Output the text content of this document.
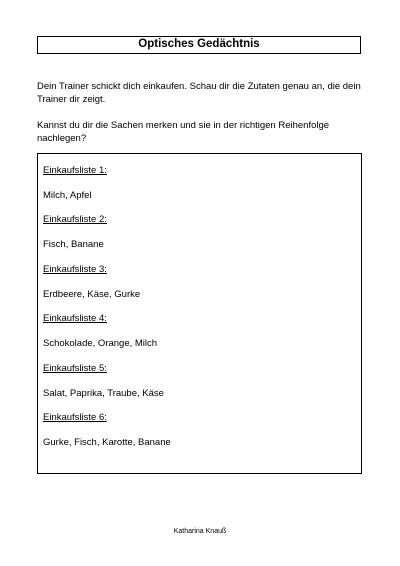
Optisches Gedächtnis

Dein Trainer schickt dich einkaufen. Schau dir die Zutaten genau an, die dein Trainer dir zeigt.

Kannst du dir die Sachen merken und sie in der richtigen Reihenfolge nachlegen?

Einkaufsliste 1:
Milch, Apfel
Einkaufsliste 2:
Fisch, Banane
Einkaufsliste 3:
Erdbeere, Käse, Gurke
Einkaufsliste 4:
Schokolade, Orange, Milch
Einkaufsliste 5:
Salat, Paprika, Traube, Käse
Einkaufsliste 6:
Gurke, Fisch, Karotte, Banane
Katharina Knauß
